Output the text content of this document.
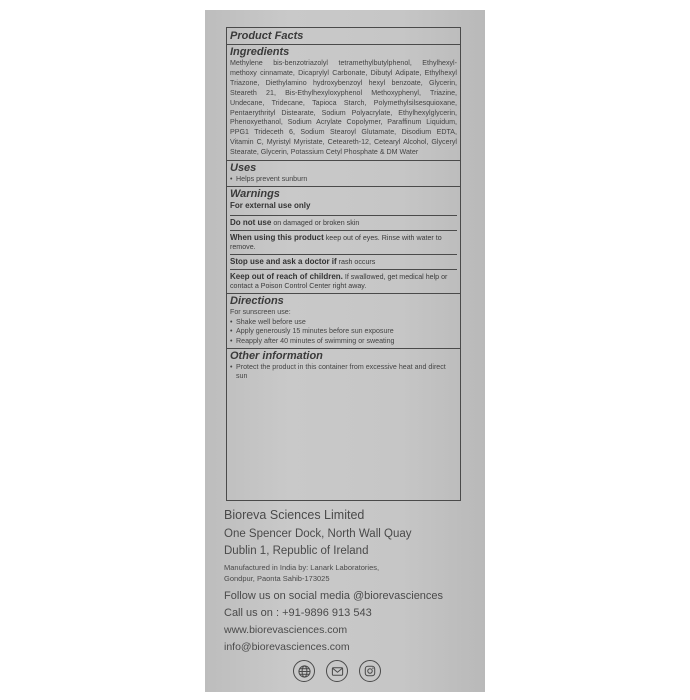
Product Facts
Ingredients
Methylene bis-benzotriazolyl tetramethylbutylphenol, Ethylhexyl-methoxy cinnamate, Dicaprylyl Carbonate, Dibutyl Adipate, Ethylhexyl Triazone, Diethylamino hydroxybenzoyl hexyl benzoate, Glycerin, Steareth 21, Bis-Ethylhexyloxyphenol Methoxyphenyl, Triazine, Undecane, Tridecane, Tapioca Starch, Polymethylsilsesquioxane, Pentaerythrityl Distearate, Sodium Polyacrylate, Ethylhexylglycerin, Phenoxyethanol, Sodium Acrylate Copolymer, Paraffinum Liquidum, PPG1 Trideceth 6, Sodium Stearoyl Glutamate, Disodium EDTA, Vitamin C, Myristyl Myristate, Ceteareth-12, Cetearyl Alcohol, Glyceryl Stearate, Glycerin, Potassium Cetyl Phosphate & DM Water
Uses
• Helps prevent sunburn
Warnings
For external use only
Do not use on damaged or broken skin
When using this product keep out of eyes. Rinse with water to remove.
Stop use and ask a doctor if rash occurs
Keep out of reach of children. If swallowed, get medical help or contact a Poison Control Center right away.
Directions
For sunscreen use:
• Shake well before use
• Apply generously 15 minutes before sun exposure
• Reapply after 40 minutes of swimming or sweating
Other information
• Protect the product in this container from excessive heat and direct sun
Bioreva Sciences Limited
One Spencer Dock, North Wall Quay
Dublin 1, Republic of Ireland
Manufactured in India by: Lanark Laboratories,
Gondpur, Paonta Sahib-173025
Follow us on social media @biorevasciences
Call us on : +91-9896 913 543
www.biorevasciences.com
info@biorevasciences.com
